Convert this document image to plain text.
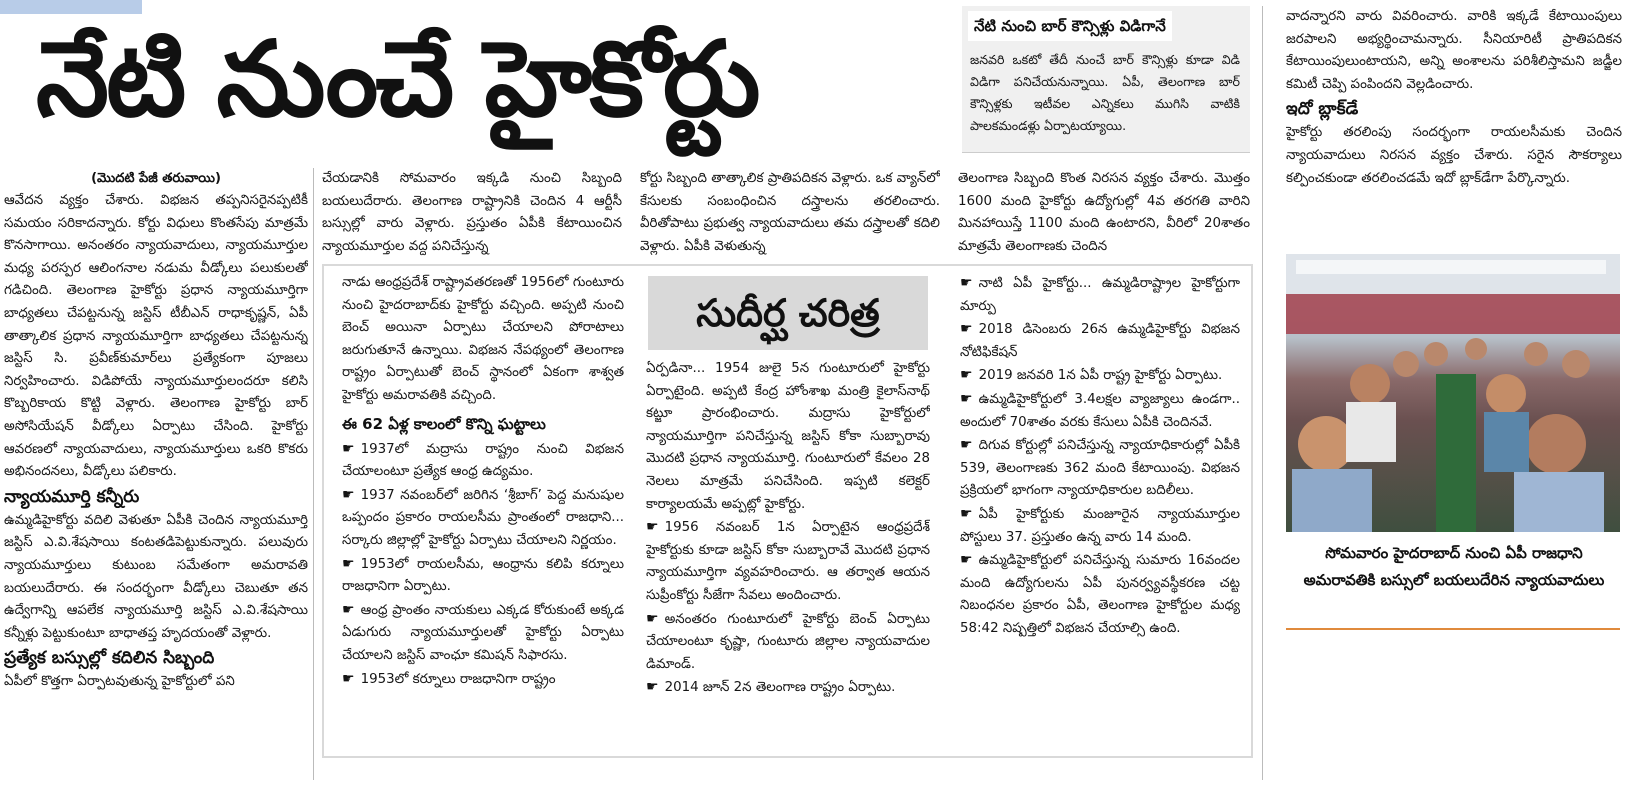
నేటి నుంచే హైకోర్టు	నేటి నుంచి బార్ కౌన్సిళ్లు విడిగానే

జనవరి ఒకటో తేదీ నుంచే బార్ కౌన్సిళ్లు కూడా విడి విడిగా పనిచేయనున్నాయి. ఏపీ, తెలంగాణ బార్ కౌన్సిళ్లకు ఇటీవల ఎన్నికలు ముగిసి వాటికి పాలకమండళ్లు ఏర్పాటయ్యాయి.

(మొదటి పేజీ తరువాయి)

ఆవేదన వ్యక్తం చేశారు. విభజన తప్పనిసరైనప్పటికీ సమయం సరికాదన్నారు. కోర్టు విధులు కొంతసేపు మాత్రమే కొనసాగాయి. అనంతరం న్యాయవాదులు, న్యాయమూర్తుల మధ్య పరస్పర ఆలింగనాల నడుమ వీడ్కోలు పలుకులతో గడిచింది. తెలంగాణ హైకోర్టు ప్రధాన న్యాయమూర్తిగా బాధ్యతలు చేపట్టనున్న జస్టిస్ టీబీఎన్ రాధాకృష్ణన్, ఏపీ తాత్కాలిక ప్రధాన న్యాయమూర్తిగా బాధ్యతలు చేపట్టనున్న జస్టిస్ సి. ప్రవీణ్‌కుమార్‌లు ప్రత్యేకంగా పూజలు నిర్వహించారు. విడిపోయే న్యాయమూర్తులందరూ కలిసి కొబ్బరికాయ కొట్టి వెళ్లారు. తెలంగాణ హైకోర్టు బార్ అసోసియేషన్ వీడ్కోలు ఏర్పాటు చేసింది. హైకోర్టు ఆవరణలో న్యాయవాదులు, న్యాయమూర్తులు ఒకరి కొకరు అభినందనలు, వీడ్కోలు పలికారు.

న్యాయమూర్తి కన్నీరు

ఉమ్మడిహైకోర్టు వదిలి వెళుతూ ఏపీకి చెందిన న్యాయమూర్తి జస్టిస్ ఎ.వి.శేషసాయి కంటతడిపెట్టుకున్నారు. పలువురు న్యాయమూర్తులు కుటుంబ సమేతంగా అమరావతి బయలుదేరారు. ఈ సందర్భంగా వీడ్కోలు చెబుతూ తన ఉద్వేగాన్ని ఆపలేక న్యాయమూర్తి జస్టిస్ ఎ.వి.శేషసాయి కన్నీళ్లు పెట్టుకుంటూ బాధాతప్త హృదయంతో వెళ్లారు.

ప్రత్యేక బస్సుల్లో కదిలిన సిబ్బంది

ఏపీలో కొత్తగా ఏర్పాటవుతున్న హైకోర్టులో పని

చేయడానికి సోమవారం ఇక్కడి నుంచి సిబ్బంది బయలుదేరారు. తెలంగాణ రాష్ట్రానికి చెందిన 4 ఆర్టీసీ బస్సుల్లో వారు వెళ్లారు. ప్రస్తుతం ఏపీకి కేటాయించిన న్యాయమూర్తుల వద్ద పనిచేస్తున్న

కోర్టు సిబ్బంది తాత్కాలిక ప్రాతిపదికన వెళ్లారు. ఒక వ్యాన్‌లో కేసులకు సంబంధించిన దస్త్రాలను తరలించారు. వీరితోపాటు ప్రభుత్వ న్యాయవాదులు తమ దస్త్రాలతో కదిలి వెళ్లారు. ఏపీకి వెళుతున్న

తెలంగాణ సిబ్బంది కొంత నిరసన వ్యక్తం చేశారు. మొత్తం 1600 మంది హైకోర్టు ఉద్యోగుల్లో 4వ తరగతి వారిని మినహాయిస్తే 1100 మంది ఉంటారని, వీరిలో 20శాతం మాత్రమే తెలంగాణకు చెందిన

నాడు ఆంధ్రప్రదేశ్ రాష్ట్రావతరణతో 1956లో గుంటూరు నుంచి హైదరాబాద్‌కు హైకోర్టు వచ్చింది. అప్పటి నుంచి బెంచ్ అయినా ఏర్పాటు చేయాలని పోరాటాలు జరుగుతూనే ఉన్నాయి. విభజన నేపథ్యంలో తెలంగాణ రాష్ట్రం ఏర్పాటుతో బెంచ్ స్థానంలో ఏకంగా శాశ్వత హైకోర్టు అమరావతికి వచ్చింది.

ఈ 62 ఏళ్ల కాలంలో కొన్ని ఘట్టాలు

☛ 1937లో మద్రాసు రాష్ట్రం నుంచి విభజన చేయాలంటూ ప్రత్యేక ఆంధ్ర ఉద్యమం.

☛ 1937 నవంబర్‌లో జరిగిన ‘శ్రీబాగ్’ పెద్ద మనుషుల ఒప్పందం ప్రకారం రాయలసీమ ప్రాంతంలో రాజధాని... సర్కారు జిల్లాల్లో హైకోర్టు ఏర్పాటు చేయాలని నిర్ణయం.

☛ 1953లో రాయలసీమ, ఆంధ్రాను కలిపి కర్నూలు రాజధానిగా ఏర్పాటు.

☛ ఆంధ్ర ప్రాంతం నాయకులు ఎక్కడ కోరుకుంటే అక్కడ ఏడుగురు న్యాయమూర్తులతో హైకోర్టు ఏర్పాటు చేయాలని జస్టిస్ వాంఛూ కమిషన్ సిఫారసు.

☛ 1953లో కర్నూలు రాజధానిగా రాష్ట్రం

సుదీర్ఘ చరిత్ర

ఏర్పడినా... 1954 జులై 5న గుంటూరులో హైకోర్టు ఏర్పాటైంది. అప్పటి కేంద్ర హోంశాఖ మంత్రి కైలాస్‌నాథ్ కట్జూ ప్రారంభించారు. మద్రాసు హైకోర్టులో న్యాయమూర్తిగా పనిచేస్తున్న జస్టిస్ కోకా సుబ్బారావు మొదటి ప్రధాన న్యాయమూర్తి. గుంటూరులో కేవలం 28 నెలలు మాత్రమే పనిచేసింది. ఇప్పటి కలెక్టర్ కార్యాలయమే అప్పట్లో హైకోర్టు.

☛ 1956 నవంబర్ 1న ఏర్పాటైన ఆంధ్రప్రదేశ్ హైకోర్టుకు కూడా జస్టిస్ కోకా సుబ్బారావే మొదటి ప్రధాన న్యాయమూర్తిగా వ్యవహరించారు. ఆ తర్వాత ఆయన సుప్రీంకోర్టు సీజేగా సేవలు అందించారు.

☛ అనంతరం గుంటూరులో హైకోర్టు బెంచ్ ఏర్పాటు చేయాలంటూ కృష్ణా, గుంటూరు జిల్లాల న్యాయవాదుల డిమాండ్.

☛ 2014 జూన్ 2న తెలంగాణ రాష్ట్రం ఏర్పాటు.

☛ నాటి ఏపీ హైకోర్టు... ఉమ్మడిరాష్ట్రాల హైకోర్టుగా మార్పు

☛ 2018 డిసెంబరు 26న ఉమ్మడిహైకోర్టు విభజన నోటిఫికేషన్

☛ 2019 జనవరి 1న ఏపీ రాష్ట్ర హైకోర్టు ఏర్పాటు.

☛ ఉమ్మడిహైకోర్టులో 3.4లక్షల వ్యాజ్యాలు ఉండగా.. అందులో 70శాతం వరకు కేసులు ఏపీకి చెందినవే.

☛ దిగువ కోర్టుల్లో పనిచేస్తున్న న్యాయాధికారుల్లో ఏపీకి 539, తెలంగాణకు 362 మంది కేటాయింపు. విభజన ప్రక్రియలో భాగంగా న్యాయాధికారుల బదిలీలు.

☛ ఏపీ హైకోర్టుకు మంజూరైన న్యాయమూర్తుల పోస్టులు 37. ప్రస్తుతం ఉన్న వారు 14 మంది.

☛ ఉమ్మడిహైకోర్టులో పనిచేస్తున్న సుమారు 16వందల మంది ఉద్యోగులను ఏపీ పునర్వ్యవస్థీకరణ చట్ట నిబంధనల ప్రకారం ఏపీ, తెలంగాణ హైకోర్టుల మధ్య 58:42 నిష్పత్తిలో విభజన చేయాల్సి ఉంది.

వాదన్నారని వారు వివరించారు. వారికి ఇక్కడే కేటాయింపులు జరపాలని అభ్యర్థించామన్నారు. సీనియారిటీ ప్రాతిపదికన కేటాయింపులుంటాయని, అన్ని అంశాలను పరిశీలిస్తామని జడ్జీల కమిటీ చెప్పి పంపిందని వెల్లడించారు.

ఇదో బ్లాక్‌డే

హైకోర్టు తరలింపు సందర్భంగా రాయలసీమకు చెందిన న్యాయవాదులు నిరసన వ్యక్తం చేశారు. సరైన సౌకర్యాలు కల్పించకుండా తరలించడమే ఇదో బ్లాక్‌డేగా పేర్కొన్నారు.

సోమవారం హైదరాబాద్ నుంచి ఏపీ రాజధాని అమరావతికి బస్సులో బయలుదేరిన న్యాయవాదులు
